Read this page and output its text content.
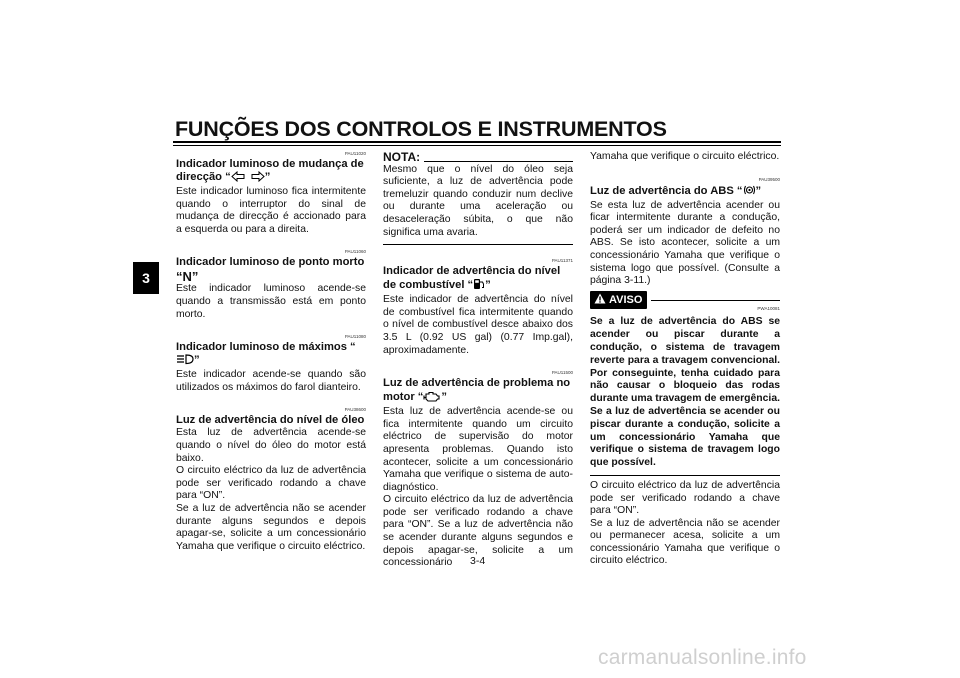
FUNÇÕES DOS CONTROLOS E INSTRUMENTOS
3
PAU11020
Indicador luminoso de mudança de direcção “	”

Este indicador luminoso fica intermitente quando o interruptor do sinal de mudança de direcção é accionado para a esquerda ou para a direita.

PAU11060
Indicador luminoso de ponto morto
“N”

Este indicador luminoso acende-se quando a transmissão está em ponto morto.

PAU11080
Indicador luminoso de máximos “”

Este indicador acende-se quando são utilizados os máximos do farol dianteiro.

PAU38600
Luz de advertência do nível de óleo

Esta luz de advertência acende-se quando o nível do óleo do motor está baixo.

O circuito eléctrico da luz de advertência pode ser verificado rodando a chave para “ON”.

Se a luz de advertência não se acender durante alguns segundos e depois apagar-se, solicite a um concessionário Yamaha que verifique o circuito eléctrico.

NOTA:

Mesmo que o nível do óleo seja suficiente, a luz de advertência pode tremeluzir quando conduzir num declive ou durante uma aceleração ou desaceleração súbita, o que não significa uma avaria.

PAU11371
Indicador de advertência do nível de combustível “ ”

Este indicador de advertência do nível de combustível fica intermitente quando o nível de combustível desce abaixo dos 3.5 L (0.92 US gal) (0.77 Imp.gal), aproximadamente.

PAU11500
Luz de advertência de problema no motor “ ”

Esta luz de advertência acende-se ou fica intermitente quando um circuito eléctrico de supervisão do motor apresenta problemas. Quando isto acontecer, solicite a um concessionário Yamaha que verifique o sistema de auto-diagnóstico.

O circuito eléctrico da luz de advertência pode ser verificado rodando a chave para “ON”. Se a luz de advertência não se acender durante alguns segundos e depois apagar-se, solicite a um concessionário

Yamaha que verifique o circuito eléctrico.

PAU39500
Luz de advertência do ABS “ ”

Se esta luz de advertência acender ou ficar intermitente durante a condução, poderá ser um indicador de defeito no ABS. Se isto acontecer, solicite a um concessionário Yamaha que verifique o sistema logo que possível. (Consulte a página 3-11.)

AVISO
PWA10081

Se a luz de advertência do ABS se acender ou piscar durante a condução, o sistema de travagem reverte para a travagem convencional. Por conseguinte, tenha cuidado para não causar o bloqueio das rodas durante uma travagem de emergência. Se a luz de advertência se acender ou piscar durante a condução, solicite a um concessionário Yamaha que verifique o sistema de travagem logo que possível.

O circuito eléctrico da luz de advertência pode ser verificado rodando a chave para “ON”.

Se a luz de advertência não se acender ou permanecer acesa, solicite a um concessionário Yamaha que verifique o circuito eléctrico.

3-4
carmanualsonline.info
